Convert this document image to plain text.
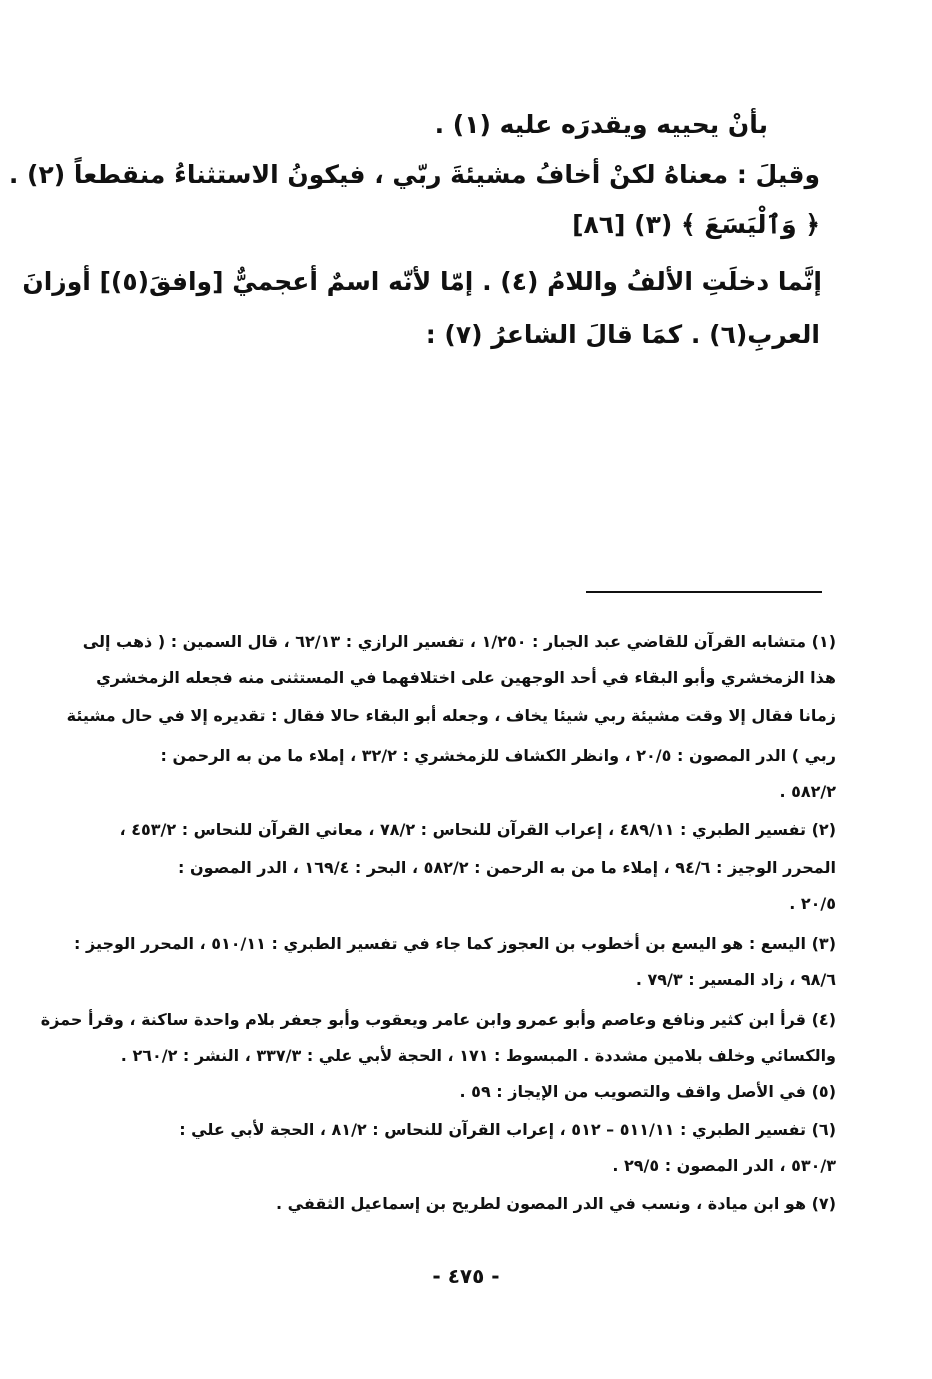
بأنْ يحييه ويقدرَه عليه (١) .
وقيلَ : معناهُ لكنْ أخافُ مشيئةَ ربّي ، فيكونُ الاستثناءُ منقطعاً (٢) .
﴿ وَٱلْيَسَعَ ﴾ (٣) [٨٦]
إنَّما دخلَتِ الألفُ واللامُ (٤) . إمّا لأنّه اسمٌ أعجميٌّ [وافقَ(٥)] أوزانَ
العربِ(٦) . كمَا قالَ الشاعرُ (٧) :
(١) متشابه القرآن للقاضي عبد الجبار : ١/٢٥٠ ، تفسير الرازي : ٦٢/١٣ ، قال السمين : ( ذهب إلى
هذا الزمخشري وأبو البقاء في أحد الوجهين على اختلافهما في المستثنى منه فجعله الزمخشري
زمانا فقال إلا وقت مشيئة ربي شيئا يخاف ، وجعله أبو البقاء حالا فقال : تقديره إلا في حال مشيئة
ربي ) الدر المصون : ٢٠/٥ ، وانظر الكشاف للزمخشري : ٣٢/٢ ، إملاء ما من به الرحمن :
٥٨٢/٢ .
(٢) تفسير الطبري : ٤٨٩/١١ ، إعراب القرآن للنحاس : ٧٨/٢ ، معاني القرآن للنحاس : ٤٥٣/٢ ،
المحرر الوجيز : ٩٤/٦ ، إملاء ما من به الرحمن : ٥٨٢/٢ ، البحر : ١٦٩/٤ ، الدر المصون :
٢٠/٥ .
(٣) اليسع : هو اليسع بن أخطوب بن العجوز كما جاء في تفسير الطبري : ٥١٠/١١ ، المحرر الوجيز :
٩٨/٦ ، زاد المسير : ٧٩/٣ .
(٤) قرأ ابن كثير ونافع وعاصم وأبو عمرو وابن عامر ويعقوب وأبو جعفر بلام واحدة ساكنة ، وقرأ حمزة
والكسائي وخلف بلامين مشددة . المبسوط : ١٧١ ، الحجة لأبي علي : ٣٣٧/٣ ، النشر : ٢٦٠/٢ .
(٥) في الأصل واقف والتصويب من الإيجاز : ٥٩ .
(٦) تفسير الطبري : ٥١١/١١ – ٥١٢ ، إعراب القرآن للنحاس : ٨١/٢ ، الحجة لأبي علي :
٥٣٠/٣ ، الدر المصون : ٢٩/٥ .
(٧) هو ابن ميادة ، ونسب في الدر المصون لطريح بن إسماعيل الثقفي .
- ٤٧٥ -
